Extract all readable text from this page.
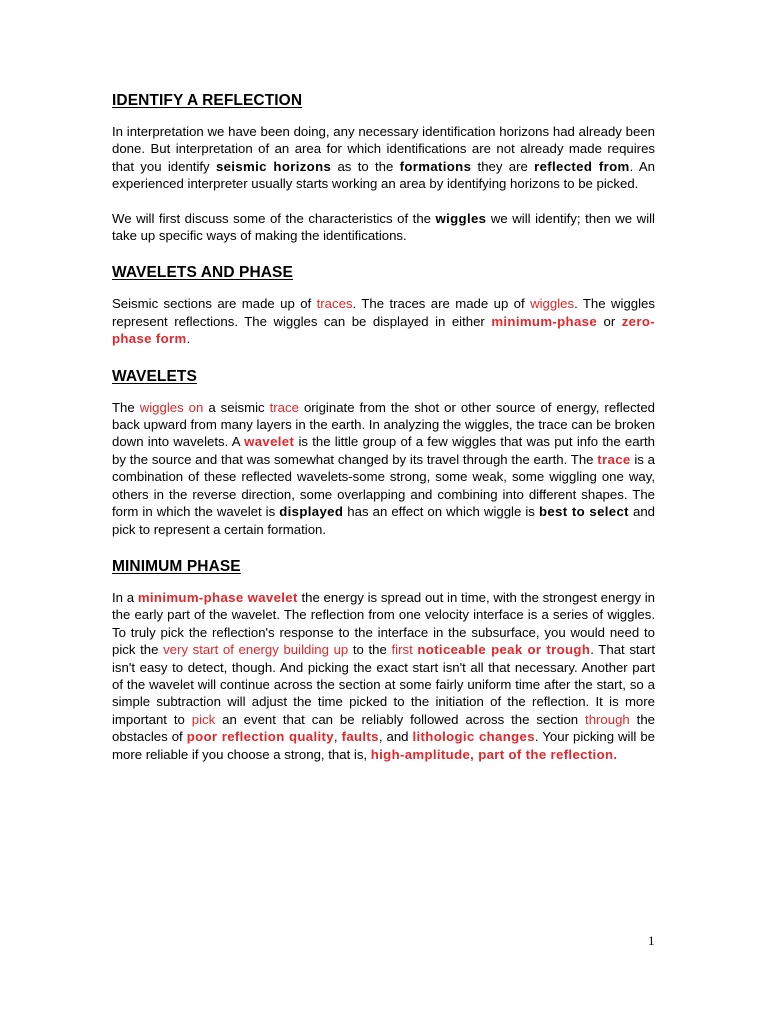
IDENTIFY A REFLECTION

In interpretation we have been doing, any necessary identification horizons had already been done. But interpretation of an area for which identifications are not already made requires that you identify seismic horizons as to the formations they are reflected from. An experienced interpreter usually starts working an area by identifying horizons to be picked.

We will first discuss some of the characteristics of the wiggles we will identify; then we will take up specific ways of making the identifications.

WAVELETS AND PHASE

Seismic sections are made up of traces. The traces are made up of wiggles. The wiggles represent reflections. The wiggles can be displayed in either minimum-phase or zero-phase form.

WAVELETS

The wiggles on a seismic trace originate from the shot or other source of energy, reflected back upward from many layers in the earth. In analyzing the wiggles, the trace can be broken down into wavelets. A wavelet is the little group of a few wiggles that was put info the earth by the source and that was somewhat changed by its travel through the earth. The trace is a combination of these reflected wavelets-some strong, some weak, some wiggling one way, others in the reverse direction, some overlapping and combining into different shapes. The form in which the wavelet is displayed has an effect on which wiggle is best to select and pick to represent a certain formation.

MINIMUM PHASE

In a minimum-phase wavelet the energy is spread out in time, with the strongest energy in the early part of the wavelet. The reflection from one velocity interface is a series of wiggles. To truly pick the reflection's response to the interface in the subsurface, you would need to pick the very start of energy building up to the first noticeable peak or trough. That start isn't easy to detect, though. And picking the exact start isn't all that necessary. Another part of the wavelet will continue across the section at some fairly uniform time after the start, so a simple subtraction will adjust the time picked to the initiation of the reflection. It is more important to pick an event that can be reliably followed across the section through the obstacles of poor reflection quality, faults, and lithologic changes. Your picking will be more reliable if you choose a strong, that is, high-amplitude, part of the reflection.

1
